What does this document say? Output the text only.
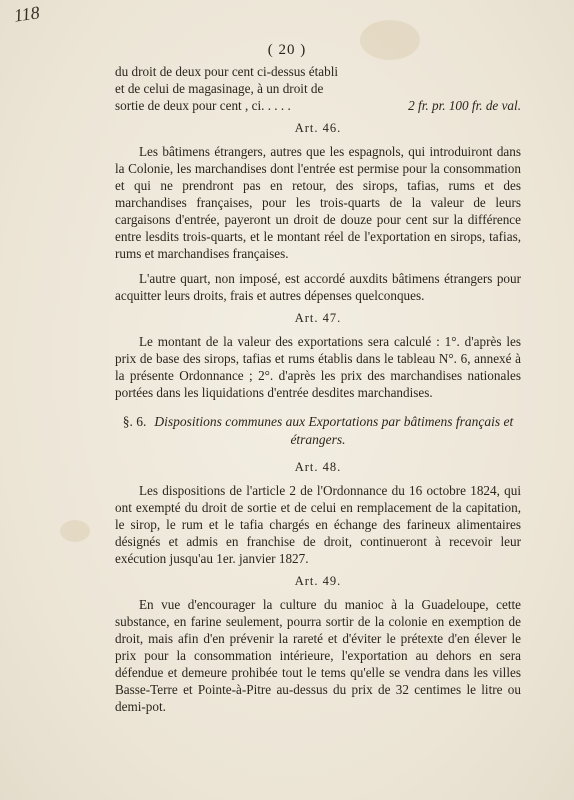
118
( 20 )

du droit de deux pour cent ci-dessus établi

et de celui de magasinage, à un droit de

sortie de deux pour cent , ci. . . . .	2 fr. pr. 100 fr. de val.
Art. 46.

Les bâtimens étrangers, autres que les espagnols, qui introduiront dans la Colonie, les marchandises dont l'entrée est permise pour la consommation et qui ne prendront pas en retour, des sirops, tafias, rums et des marchandises françaises, pour les trois-quarts de la valeur de leurs cargaisons d'entrée, payeront un droit de douze pour cent sur la différence entre lesdits trois-quarts, et le montant réel de l'exportation en sirops, tafias, rums et marchandises françaises.

L'autre quart, non imposé, est accordé auxdits bâtimens étrangers pour acquitter leurs droits, frais et autres dépenses quelconques.

Art. 47.

Le montant de la valeur des exportations sera calculé : 1°. d'après les prix de base des sirops, tafias et rums établis dans le tableau N°. 6, annexé à la présente Ordonnance ; 2°. d'après les prix des marchandises nationales portées dans les liquidations d'entrée desdites marchandises.

§. 6. Dispositions communes aux Exportations par bâtimens français et étrangers.
Art. 48.

Les dispositions de l'article 2 de l'Ordonnance du 16 octobre 1824, qui ont exempté du droit de sortie et de celui en remplacement de la capitation, le sirop, le rum et le tafia chargés en échange des farineux alimentaires désignés et admis en franchise de droit, continueront à recevoir leur exécution jusqu'au 1er. janvier 1827.

Art. 49.

En vue d'encourager la culture du manioc à la Guadeloupe, cette substance, en farine seulement, pourra sortir de la colonie en exemption de droit, mais afin d'en prévenir la rareté et d'éviter le prétexte d'en élever le prix pour la consommation intérieure, l'exportation au dehors en sera défendue et demeure prohibée tout le tems qu'elle se vendra dans les villes Basse-Terre et Pointe-à-Pitre au-dessus du prix de 32 centimes le litre ou demi-pot.
